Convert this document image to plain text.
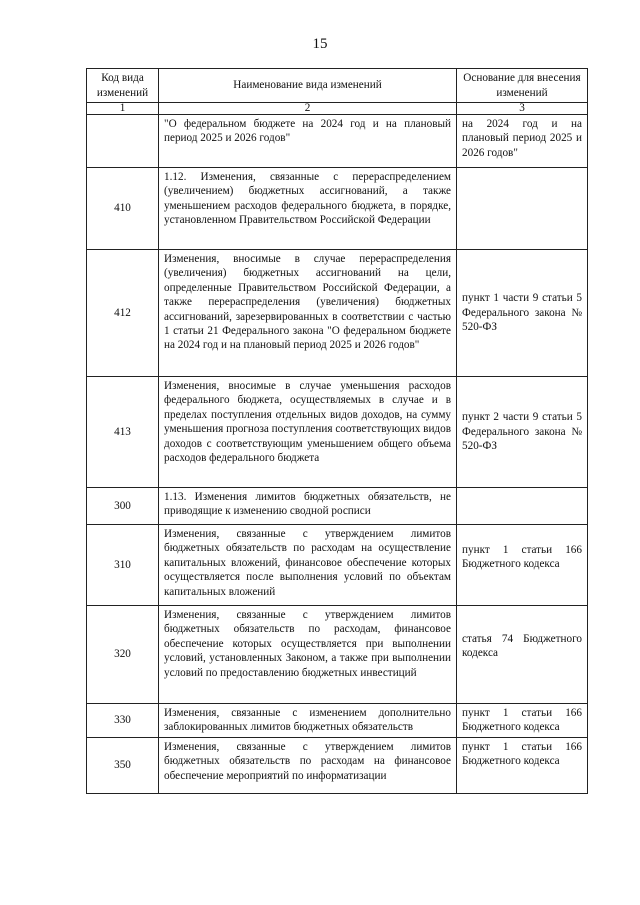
15
Код вида изменений	Наименование вида изменений	Основание для внесения изменений
1	2	3
	"О федеральном бюджете на 2024 год и на плановый период 2025 и 2026 годов"	на 2024 год и на плановый период 2025 и 2026 годов"
410	1.12. Изменения, связанные с перераспределением (увеличением) бюджетных ассигнований, а также уменьшением расходов федерального бюджета, в порядке, установленном Правительством Российской Федерации	
412	Изменения, вносимые в случае перераспределения (увеличения) бюджетных ассигнований на цели, определенные Правительством Российской Федерации, а также перераспределения (увеличения) бюджетных ассигнований, зарезервированных в соответствии с частью 1 статьи 21 Федерального закона "О федеральном бюджете на 2024 год и на плановый период 2025 и 2026 годов"	пункт 1 части 9 статьи 5 Федерального закона № 520-ФЗ
413	Изменения, вносимые в случае уменьшения расходов федерального бюджета, осуществляемых в случае и в пределах поступления отдельных видов доходов, на сумму уменьшения прогноза поступления соответствующих видов доходов с соответствующим уменьшением общего объема расходов федерального бюджета	пункт 2 части 9 статьи 5 Федерального закона № 520-ФЗ
300	1.13. Изменения лимитов бюджетных обязательств, не приводящие к изменению сводной росписи	
310	Изменения, связанные с утверждением лимитов бюджетных обязательств по расходам на осуществление капитальных вложений, финансовое обеспечение которых осуществляется после выполнения условий по объектам капитальных вложений	пункт 1 статьи 166 Бюджетного кодекса
320	Изменения, связанные с утверждением лимитов бюджетных обязательств по расходам, финансовое обеспечение которых осуществляется при выполнении условий, установленных Законом, а также при выполнении условий по предоставлению бюджетных инвестиций	статья 74 Бюджетного кодекса
330	Изменения, связанные с изменением дополнительно заблокированных лимитов бюджетных обязательств	пункт 1 статьи 166 Бюджетного кодекса
350	Изменения, связанные с утверждением лимитов бюджетных обязательств по расходам на финансовое обеспечение мероприятий по информатизации	пункт 1 статьи 166 Бюджетного кодекса
